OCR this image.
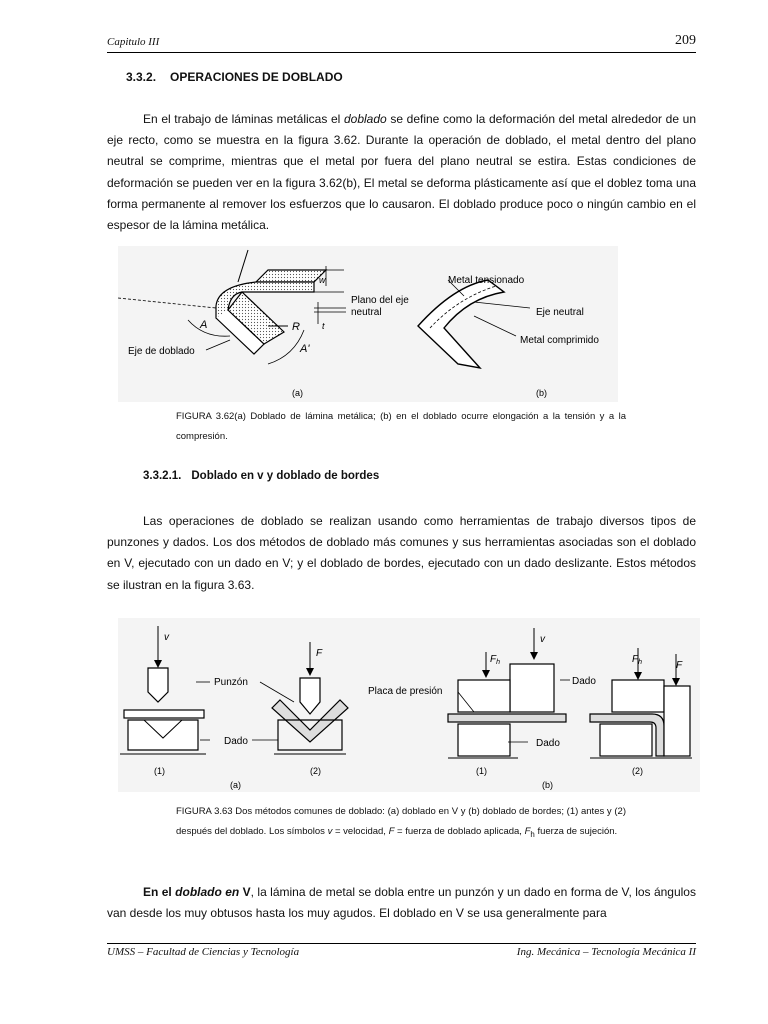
Capitulo III	209
3.3.2. OPERACIONES DE DOBLADO
En el trabajo de láminas metálicas el doblado se define como la deformación del metal alrededor de un eje recto, como se muestra en la figura 3.62. Durante la operación de doblado, el metal dentro del plano neutral se comprime, mientras que el metal por fuera del plano neutral se estira. Estas condiciones de deformación se pueden ver en la figura 3.62(b), El metal se deforma plásticamente así que el doblez toma una forma permanente al remover los esfuerzos que lo causaron. El doblado produce poco o ningún cambio en el espesor de la lámina metálica.
w
Plano del eje
neutral
t
A	R
A'
Eje de doblado
(a)
Metal tensionado
Eje neutral
Metal comprimido
(b)
FIGURA 3.62(a) Doblado de lámina metálica; (b) en el doblado ocurre elongación a la tensión y a la compresión.
3.3.2.1. Doblado en v y doblado de bordes
Las operaciones de doblado se realizan usando como herramientas de trabajo diversos tipos de punzones y dados. Los dos métodos de doblado más comunes y sus herramientas asociadas son el doblado en V, ejecutado con un dado en V; y el doblado de bordes, ejecutado con un dado deslizante. Estos métodos se ilustran en la figura 3.63.
v
F
Punzón
Dado
(1)	(2)
(a)
v
$F_h$	$F_h$	F
Dado
Placa de presión
Dado
(1)	(2)
(b)
FIGURA 3.63 Dos métodos comunes de doblado: (a) doblado en V y (b) doblado de bordes; (1) antes y (2) después del doblado. Los símbolos v = velocidad, F = fuerza de doblado aplicada, $F_h$ fuerza de sujeción.
En el doblado en V, la lámina de metal se dobla entre un punzón y un dado en forma de V, los ángulos van desde los muy obtusos hasta los muy agudos. El doblado en V se usa generalmente para
UMSS – Facultad de Ciencias y Tecnología	Ing. Mecánica – Tecnología Mecánica II
